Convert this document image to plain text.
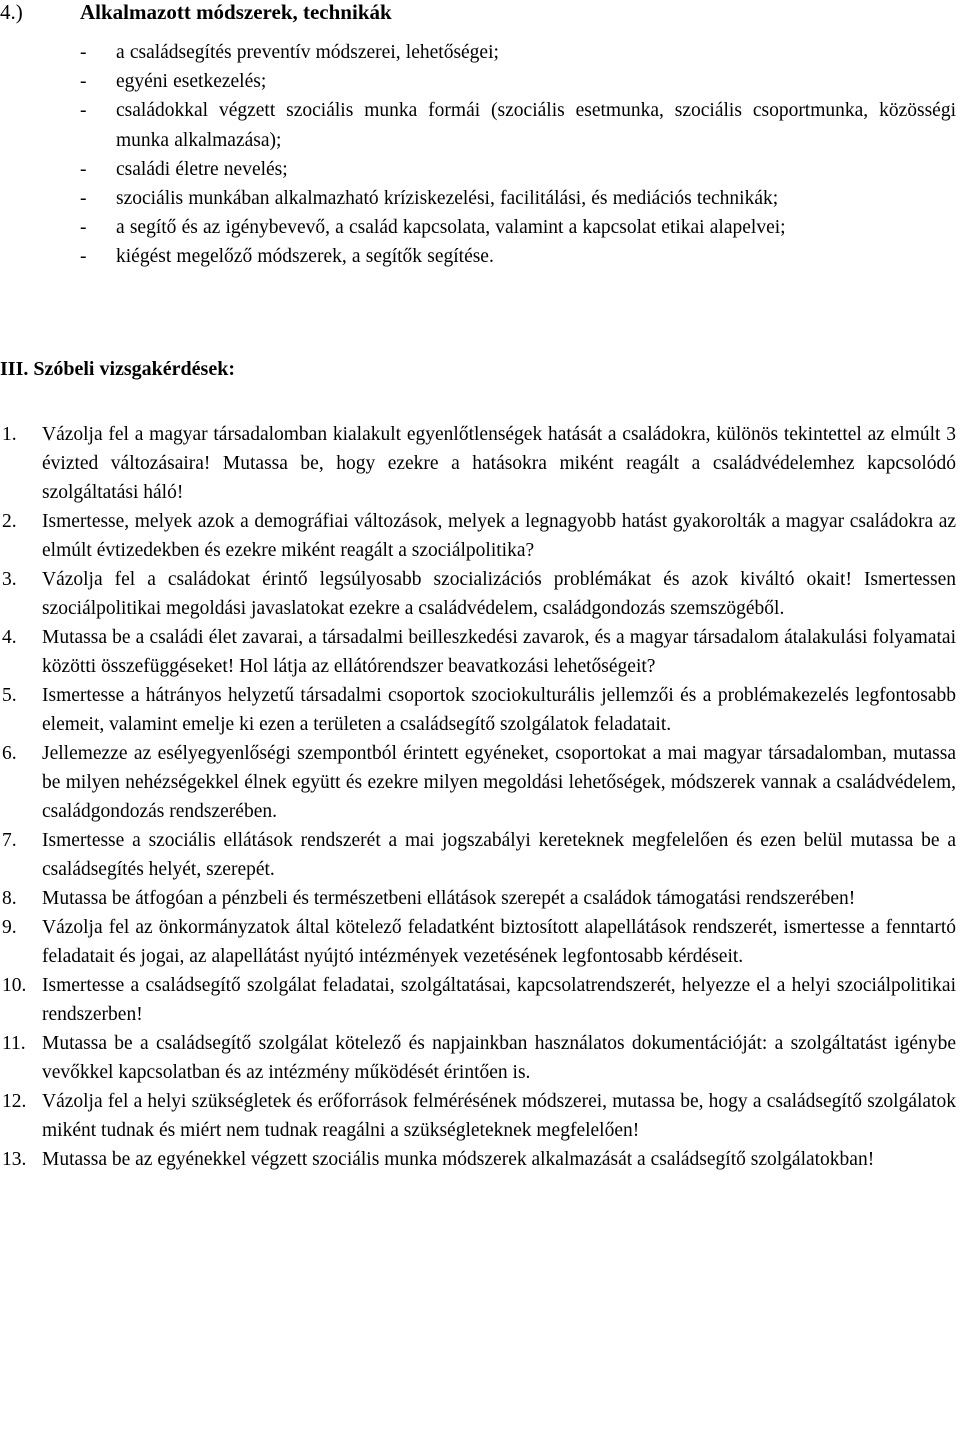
4.)	Alkalmazott módszerek, technikák
- a családsegítés preventív módszerei, lehetőségei;
- egyéni esetkezelés;
- családokkal végzett szociális munka formái (szociális esetmunka, szociális csoportmunka, közösségi munka alkalmazása);
- családi életre nevelés;
- szociális munkában alkalmazható kríziskezelési, facilitálási, és mediációs technikák;
- a segítő és az igénybevevő, a család kapcsolata, valamint a kapcsolat etikai alapelvei;
- kiégést megelőző módszerek, a segítők segítése.
III. Szóbeli vizsgakérdések:
1. Vázolja fel a magyar társadalomban kialakult egyenlőtlenségek hatását a családokra, különös tekintettel az elmúlt 3 évizted változásaira! Mutassa be, hogy ezekre a hatásokra miként reagált a családvédelemhez kapcsolódó szolgáltatási háló!
2. Ismertesse, melyek azok a demográfiai változások, melyek a legnagyobb hatást gyakorolták a magyar családokra az elmúlt évtizedekben és ezekre miként reagált a szociálpolitika?
3. Vázolja fel a családokat érintő legsúlyosabb szocializációs problémákat és azok kiváltó okait! Ismertessen szociálpolitikai megoldási javaslatokat ezekre a családvédelem, családgondozás szemszögéből.
4. Mutassa be a családi élet zavarai, a társadalmi beilleszkedési zavarok, és a magyar társadalom átalakulási folyamatai közötti összefüggéseket! Hol látja az ellátórendszer beavatkozási lehetőségeit?
5. Ismertesse a hátrányos helyzetű társadalmi csoportok szociokulturális jellemzői és a problémakezelés legfontosabb elemeit, valamint emelje ki ezen a területen a családsegítő szolgálatok feladatait.
6. Jellemezze az esélyegyenlőségi szempontból érintett egyéneket, csoportokat a mai magyar társadalomban, mutassa be milyen nehézségekkel élnek együtt és ezekre milyen megoldási lehetőségek, módszerek vannak a családvédelem, családgondozás rendszerében.
7. Ismertesse a szociális ellátások rendszerét a mai jogszabályi kereteknek megfelelően és ezen belül mutassa be a családsegítés helyét, szerepét.
8. Mutassa be átfogóan a pénzbeli és természetbeni ellátások szerepét a családok támogatási rendszerében!
9. Vázolja fel az önkormányzatok által kötelező feladatként biztosított alapellátások rendszerét, ismertesse a fenntartó feladatait és jogai, az alapellátást nyújtó intézmények vezetésének legfontosabb kérdéseit.
10. Ismertesse a családsegítő szolgálat feladatai, szolgáltatásai, kapcsolatrendszerét, helyezze el a helyi szociálpolitikai rendszerben!
11. Mutassa be a családsegítő szolgálat kötelező és napjainkban használatos dokumentációját: a szolgáltatást igénybe vevőkkel kapcsolatban és az intézmény működését érintően is.
12. Vázolja fel a helyi szükségletek és erőforrások felmérésének módszerei, mutassa be, hogy a családsegítő szolgálatok miként tudnak és miért nem tudnak reagálni a szükségleteknek megfelelően!
13. Mutassa be az egyénekkel végzett szociális munka módszerek alkalmazását a családsegítő szolgálatokban!
